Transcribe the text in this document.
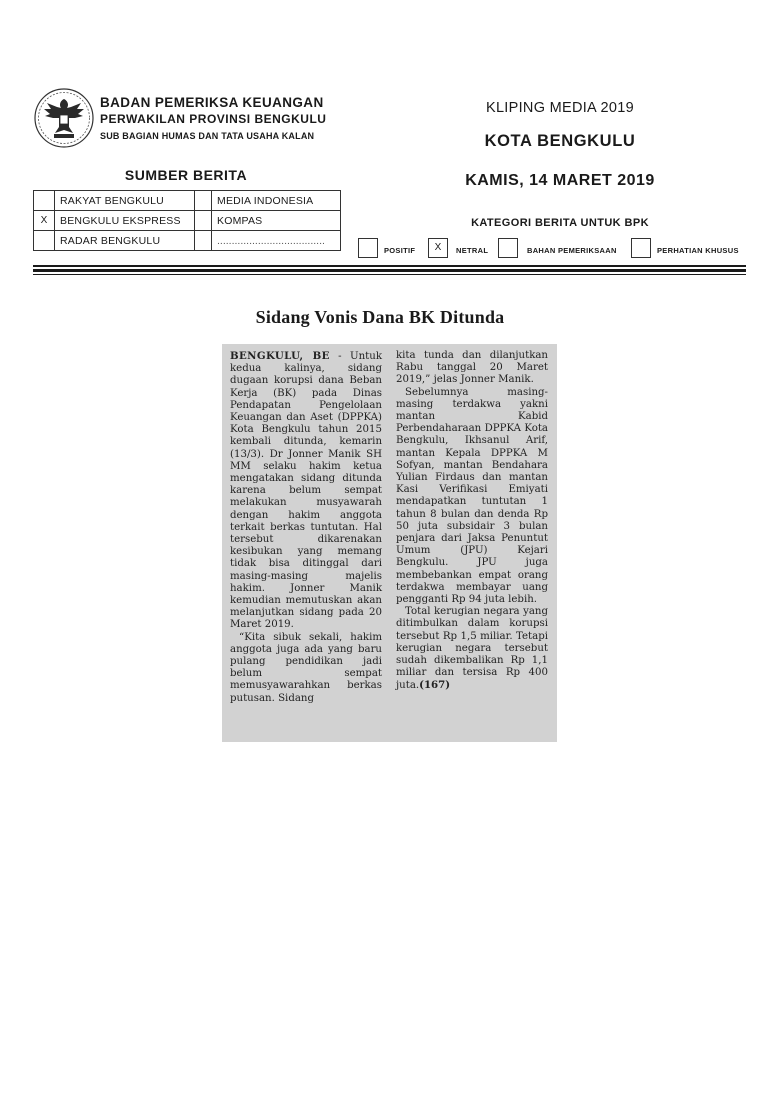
BADAN PEMERIKSA KEUANGAN
PERWAKILAN PROVINSI BENGKULU
SUB BAGIAN HUMAS DAN TATA USAHA KALAN
KLIPING MEDIA 2019
KOTA BENGKULU
KAMIS, 14 MARET 2019
SUMBER BERITA
	RAKYAT BENGKULU		MEDIA INDONESIA
X	BENGKULU EKSPRESS		KOMPAS
	RADAR BENGKULU		.....................................
KATEGORI BERITA UNTUK BPK
POSITIF	X	NETRAL	BAHAN PEMERIKSAAN	PERHATIAN KHUSUS
Sidang Vonis Dana BK Ditunda

BENGKULU, BE - Untuk kedua kalinya, sidang dugaan korupsi dana Beban Kerja (BK) pada Dinas Pendapatan Pengelolaan Keuangan dan Aset (DPPKA) Kota Bengkulu tahun 2015 kembali ditunda, kemarin (13/3). Dr Jonner Manik SH MM selaku hakim ketua mengatakan sidang ditunda karena belum sempat melakukan musyawarah dengan hakim anggota terkait berkas tuntutan. Hal tersebut dikarenakan kesibukan yang memang tidak bisa ditinggal dari masing-masing majelis hakim. Jonner Manik kemudian memutuskan akan melanjutkan sidang pada 20 Maret 2019.

“Kita sibuk sekali, hakim anggota juga ada yang baru pulang pendidikan jadi belum sempat memusyawarahkan berkas putusan. Sidang

kita tunda dan dilanjutkan Rabu tanggal 20 Maret 2019,” jelas Jonner Manik.

Sebelumnya masing-masing terdakwa yakni mantan Kabid Perbendaharaan DPPKA Kota Bengkulu, Ikhsanul Arif, mantan Kepala DPPKA M Sofyan, mantan Bendahara Yulian Firdaus dan mantan Kasi Verifikasi Emiyati mendapatkan tuntutan 1 tahun 8 bulan dan denda Rp 50 juta subsidair 3 bulan penjara dari Jaksa Penuntut Umum (JPU) Kejari Bengkulu. JPU juga membebankan empat orang terdakwa membayar uang pengganti Rp 94 juta lebih.

Total kerugian negara yang ditimbulkan dalam korupsi tersebut Rp 1,5 miliar. Tetapi kerugian negara tersebut sudah dikembalikan Rp 1,1 miliar dan tersisa Rp 400 juta.(167)
